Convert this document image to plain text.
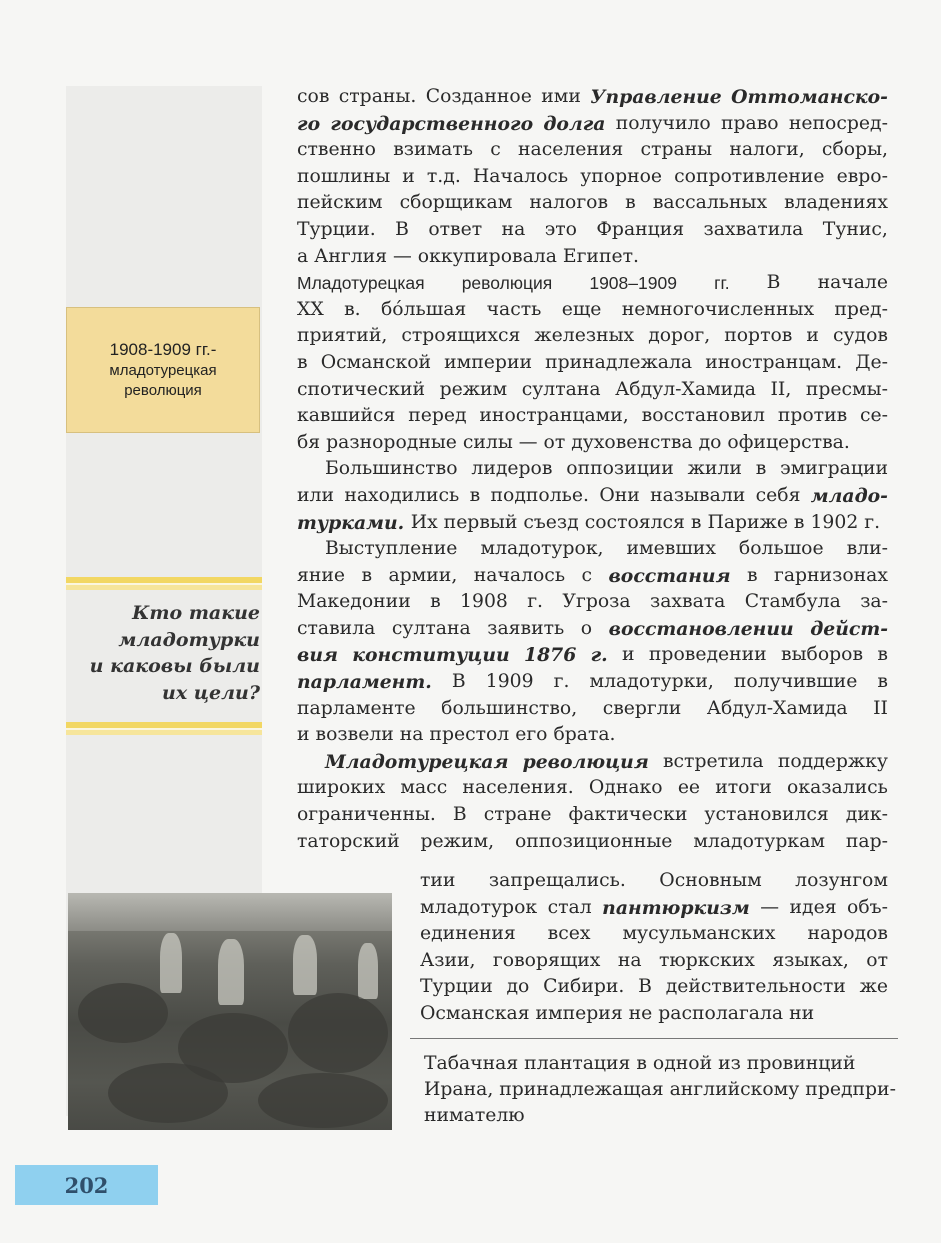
1908-1909 гг.-
младотурецкая
революция
Кто такие
младотурки
и каковы были
их цели?
сов страны. Созданное ими Управление Оттоманско-
го государственного долга получило право непосред-
ственно взимать с населения страны налоги, сборы,
пошлины и т.д. Началось упорное сопротивление евро-
пейским сборщикам налогов в вассальных владениях
Турции. В ответ на это Франция захватила Тунис,
а Англия — оккупировала Египет.
Младотурецкая революция 1908–1909 гг. В начале
XX в. бóльшая часть еще немногочисленных пред-
приятий, строящихся железных дорог, портов и судов
в Османской империи принадлежала иностранцам. Де-
спотический режим султана Абдул-Хамида II, пресмы-
кавшийся перед иностранцами, восстановил против се-
бя разнородные силы — от духовенства до офицерства.
Большинство лидеров оппозиции жили в эмиграции
или находились в подполье. Они называли себя младо-
турками. Их первый съезд состоялся в Париже в 1902 г.
Выступление младотурок, имевших большое вли-
яние в армии, началось с восстания в гарнизонах
Македонии в 1908 г. Угроза захвата Стамбула за-
ставила султана заявить о восстановлении дейст-
вия конституции 1876 г. и проведении выборов в
парламент. В 1909 г. младотурки, получившие в
парламенте большинство, свергли Абдул-Хамида II
и возвели на престол его брата.
Младотурецкая революция встретила поддержку
широких масс населения. Однако ее итоги оказались
ограниченны. В стране фактически установился дик-
таторский режим, оппозиционные младотуркам пар-
тии запрещались. Основным лозунгом
младотурок стал пантюркизм — идея объ-
единения всех мусульманских народов
Азии, говорящих на тюркских языках, от
Турции до Сибири. В действительности же
Османская империя не располагала ни
Табачная плантация в одной из провинций
Ирана, принадлежащая английскому предпри-
нимателю
202
